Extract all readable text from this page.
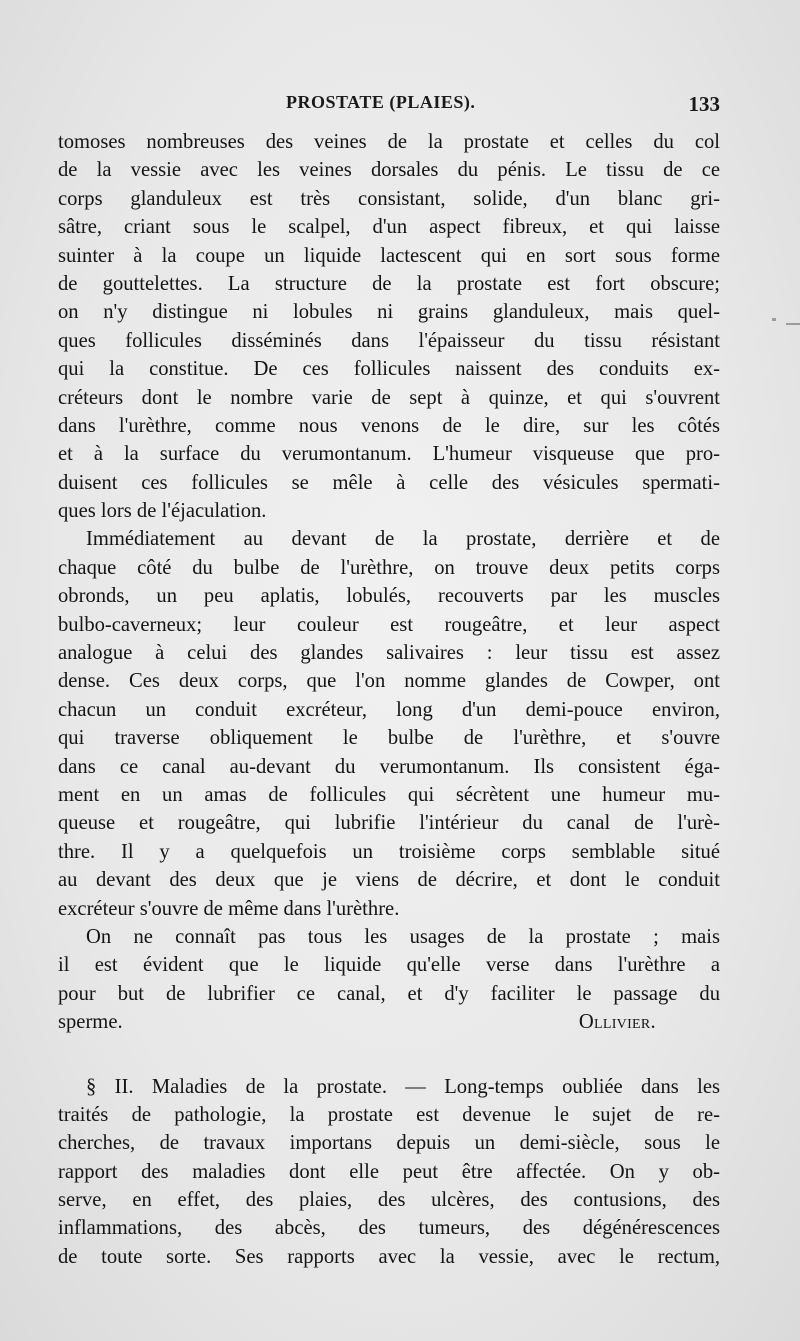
PROSTATE (PLAIES).	133
tomoses nombreuses des veines de la prostate et celles du col
de la vessie avec les veines dorsales du pénis. Le tissu de ce
corps glanduleux est très consistant, solide, d'un blanc gri-
sâtre, criant sous le scalpel, d'un aspect fibreux, et qui laisse
suinter à la coupe un liquide lactescent qui en sort sous forme
de gouttelettes. La structure de la prostate est fort obscure;
on n'y distingue ni lobules ni grains glanduleux, mais quel-
ques follicules disséminés dans l'épaisseur du tissu résistant
qui la constitue. De ces follicules naissent des conduits ex-
créteurs dont le nombre varie de sept à quinze, et qui s'ouvrent
dans l'urèthre, comme nous venons de le dire, sur les côtés
et à la surface du verumontanum. L'humeur visqueuse que pro-
duisent ces follicules se mêle à celle des vésicules spermati-
ques lors de l'éjaculation.
Immédiatement au devant de la prostate, derrière et de
chaque côté du bulbe de l'urèthre, on trouve deux petits corps
obronds, un peu aplatis, lobulés, recouverts par les muscles
bulbo-caverneux; leur couleur est rougeâtre, et leur aspect
analogue à celui des glandes salivaires : leur tissu est assez
dense. Ces deux corps, que l'on nomme glandes de Cowper, ont
chacun un conduit excréteur, long d'un demi-pouce environ,
qui traverse obliquement le bulbe de l'urèthre, et s'ouvre
dans ce canal au-devant du verumontanum. Ils consistent éga-
ment en un amas de follicules qui sécrètent une humeur mu-
queuse et rougeâtre, qui lubrifie l'intérieur du canal de l'urè-
thre. Il y a quelquefois un troisième corps semblable situé
au devant des deux que je viens de décrire, et dont le conduit
excréteur s'ouvre de même dans l'urèthre.
On ne connaît pas tous les usages de la prostate ; mais
il est évident que le liquide qu'elle verse dans l'urèthre a
pour but de lubrifier ce canal, et d'y faciliter le passage du
sperme.	Ollivier.
§ II. Maladies de la prostate. — Long-temps oubliée dans les
traités de pathologie, la prostate est devenue le sujet de re-
cherches, de travaux importans depuis un demi-siècle, sous le
rapport des maladies dont elle peut être affectée. On y ob-
serve, en effet, des plaies, des ulcères, des contusions, des
inflammations, des abcès, des tumeurs, des dégénérescences
de toute sorte. Ses rapports avec la vessie, avec le rectum,
